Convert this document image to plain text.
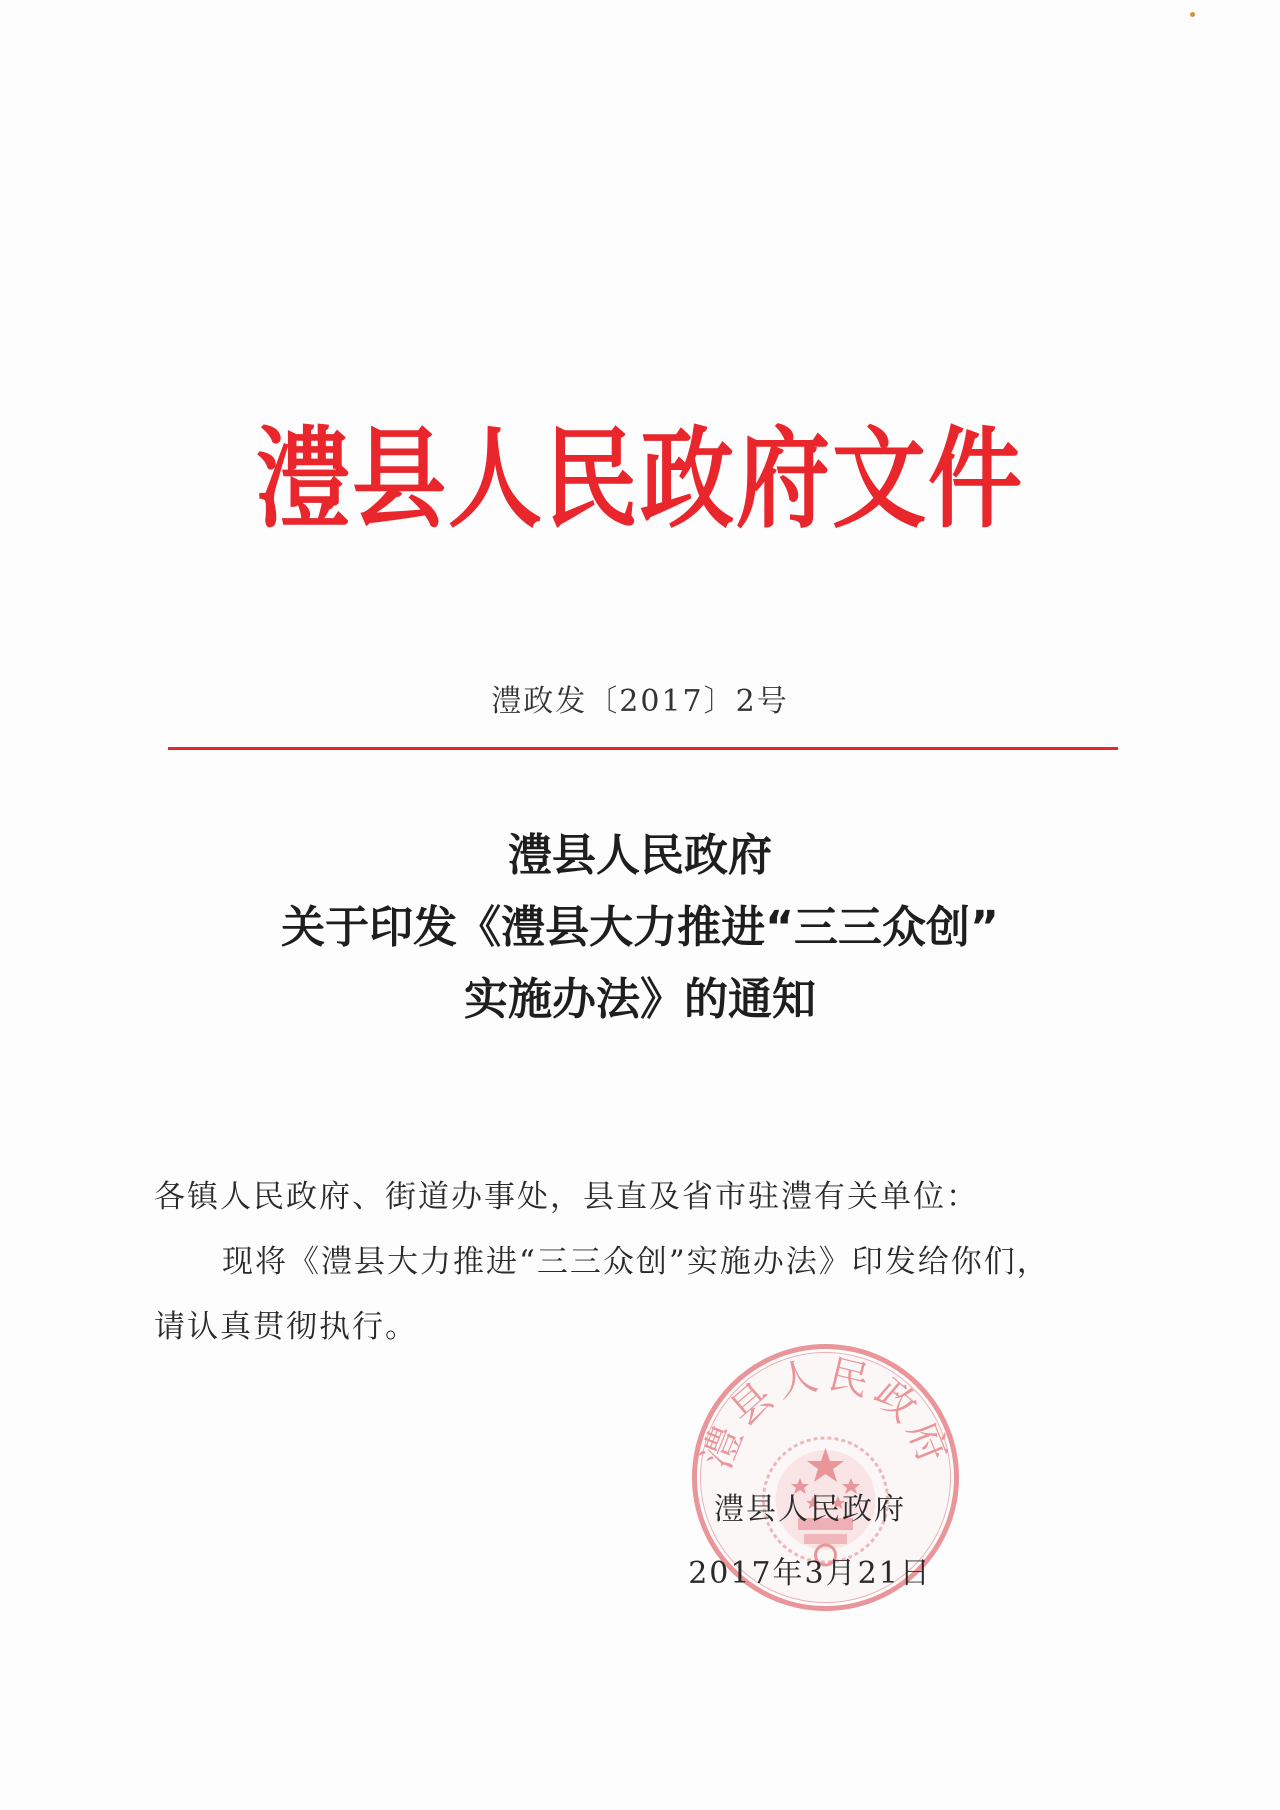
澧县人民政府文件
澧政发〔2017〕2号
澧县人民政府
关于印发《澧县大力推进“三三众创”
实施办法》的通知

各镇人民政府、街道办事处，县直及省市驻澧有关单位：

现将《澧县大力推进“三三众创”实施办法》印发给你们，

请认真贯彻执行。

澧县人民政府
澧县人民政府
2017年3月21日
